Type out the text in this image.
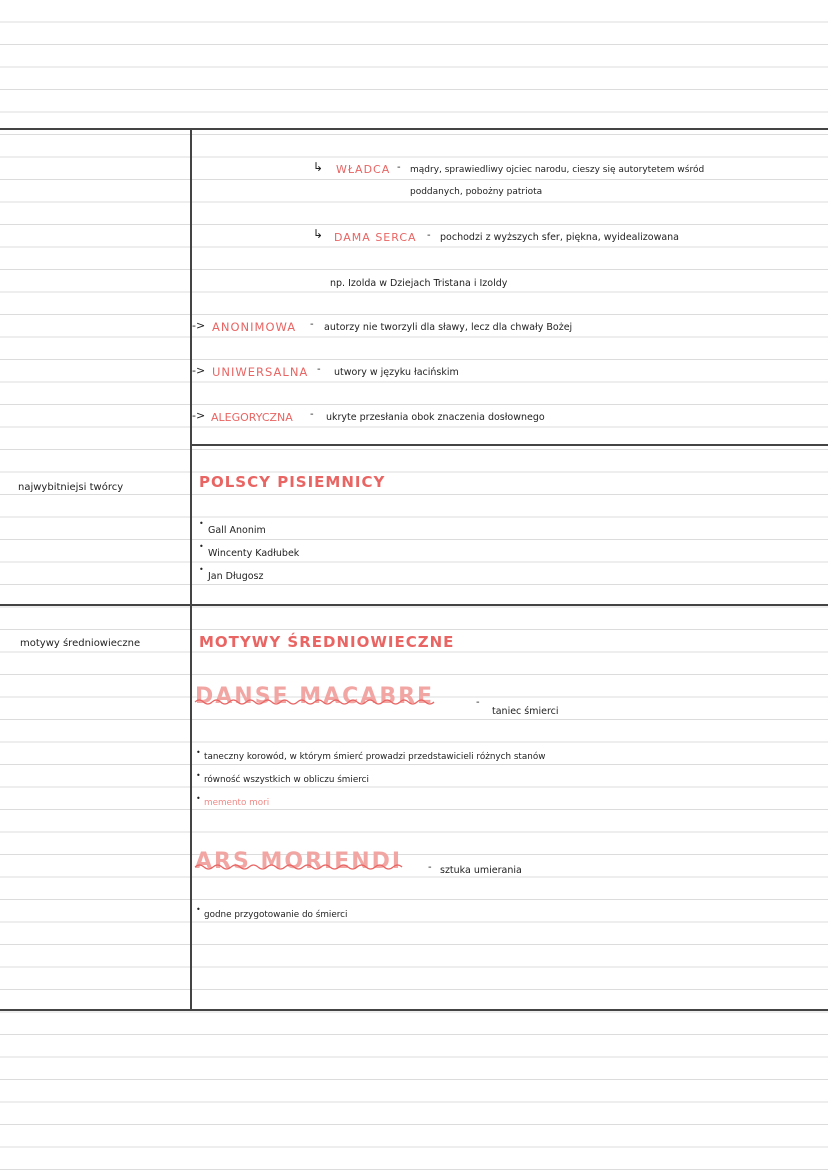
najwybitniejsi twórcy
motywy średniowieczne
↳ WŁADCA - mądry, sprawiedliwy ojciec narodu, cieszy się autorytetem wśród
poddanych, pobożny patriota
↳ DAMA SERCA - pochodzi z wyższych sfer, piękna, wyidealizowana
np. Izolda w Dziejach Tristana i Izoldy
-> ANONIMOWA - autorzy nie tworzyli dla sławy, lecz dla chwały Bożej
-> UNIWERSALNA - utwory w języku łacińskim
-> ALEGORYCZNA - ukryte przesłania obok znaczenia dosłownego
POLSCY PISIEMNICY
•
Gall Anonim
•
Wincenty Kadłubek
•
Jan Długosz
MOTYWY ŚREDNIOWIECZNE
DANSE MACABRE	-
taniec śmierci
• taneczny korowód, w którym śmierć prowadzi przedstawicieli różnych stanów
• równość wszystkich w obliczu śmierci
• memento mori
ARS MORIENDI	- sztuka umierania
•
godne przygotowanie do śmierci
